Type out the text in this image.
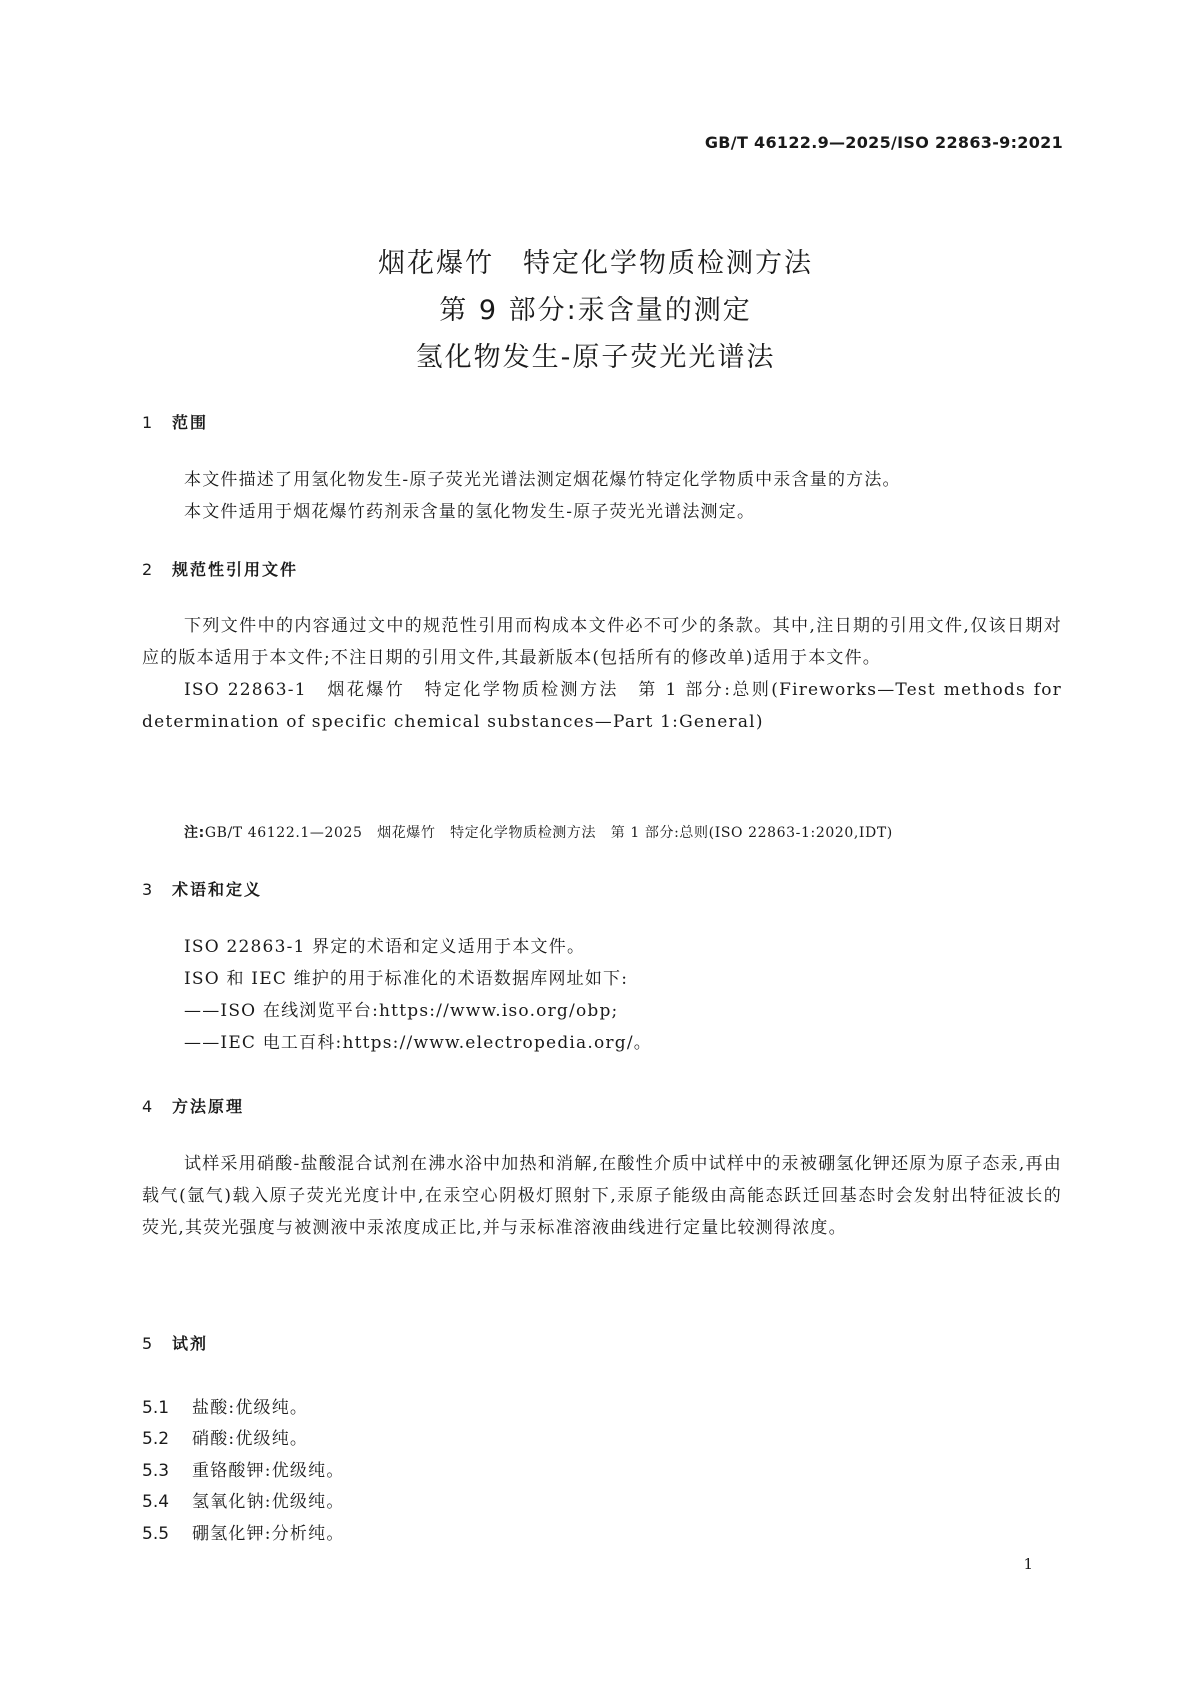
GB/T 46122.9—2025/ISO 22863-9:2021
烟花爆竹　特定化学物质检测方法
第 9 部分:汞含量的测定
氢化物发生-原子荧光光谱法
1 范围

本文件描述了用氢化物发生-原子荧光光谱法测定烟花爆竹特定化学物质中汞含量的方法。

本文件适用于烟花爆竹药剂汞含量的氢化物发生-原子荧光光谱法测定。

2 规范性引用文件

下列文件中的内容通过文中的规范性引用而构成本文件必不可少的条款。其中,注日期的引用文件,仅该日期对应的版本适用于本文件;不注日期的引用文件,其最新版本(包括所有的修改单)适用于本文件。

ISO 22863-1　烟花爆竹　特定化学物质检测方法　第 1 部分:总则(Fireworks—Test methods for determination of specific chemical substances—Part 1:General)

注:GB/T 46122.1—2025　烟花爆竹　特定化学物质检测方法　第 1 部分:总则(ISO 22863-1:2020,IDT)
3 术语和定义

ISO 22863-1 界定的术语和定义适用于本文件。

ISO 和 IEC 维护的用于标准化的术语数据库网址如下:

——ISO 在线浏览平台:https://www.iso.org/obp;

——IEC 电工百科:https://www.electropedia.org/。

4 方法原理

试样采用硝酸-盐酸混合试剂在沸水浴中加热和消解,在酸性介质中试样中的汞被硼氢化钾还原为原子态汞,再由载气(氩气)载入原子荧光光度计中,在汞空心阴极灯照射下,汞原子能级由高能态跃迁回基态时会发射出特征波长的荧光,其荧光强度与被测液中汞浓度成正比,并与汞标准溶液曲线进行定量比较测得浓度。

5 试剂
5.1 盐酸:优级纯。
5.2 硝酸:优级纯。
5.3 重铬酸钾:优级纯。
5.4 氢氧化钠:优级纯。
5.5 硼氢化钾:分析纯。
1
